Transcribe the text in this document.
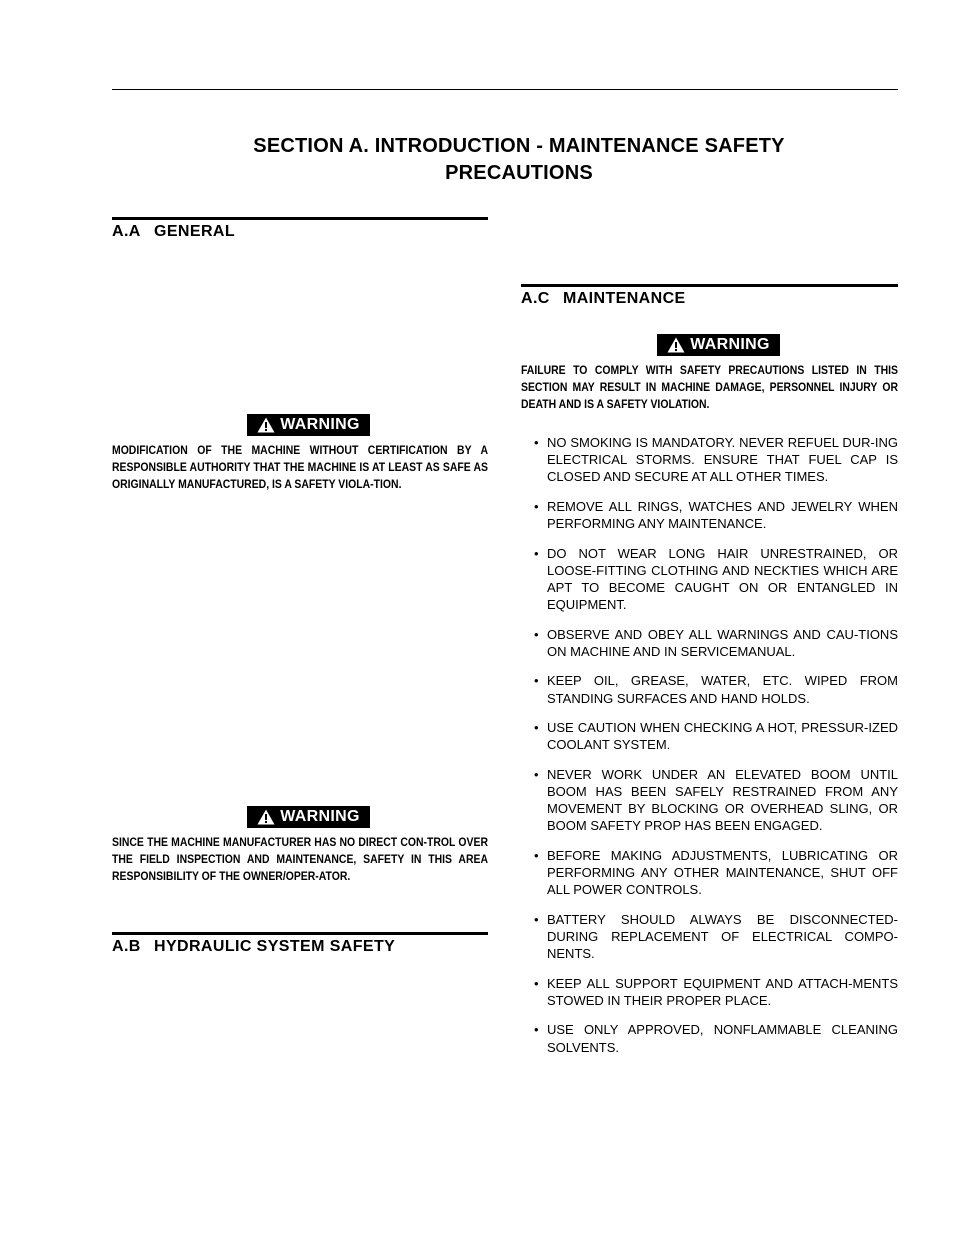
SECTION A. INTRODUCTION - MAINTENANCE SAFETY
PRECAUTIONS
A.A GENERAL
WARNING
MODIFICATION OF THE MACHINE WITHOUT CERTIFICATION BY A RESPONSIBLE AUTHORITY THAT THE MACHINE IS AT LEAST AS SAFE AS ORIGINALLY MANUFACTURED, IS A SAFETY VIOLA-TION.
WARNING
SINCE THE MACHINE MANUFACTURER HAS NO DIRECT CON-TROL OVER THE FIELD INSPECTION AND MAINTENANCE, SAFETY IN THIS AREA RESPONSIBILITY OF THE OWNER/OPER-ATOR.
A.B HYDRAULIC SYSTEM SAFETY
A.C MAINTENANCE
WARNING
FAILURE TO COMPLY WITH SAFETY PRECAUTIONS LISTED IN THIS SECTION MAY RESULT IN MACHINE DAMAGE, PERSONNEL INJURY OR DEATH AND IS A SAFETY VIOLATION.
• NO SMOKING IS MANDATORY. NEVER REFUEL DUR-ING ELECTRICAL STORMS. ENSURE THAT FUEL CAP IS CLOSED AND SECURE AT ALL OTHER TIMES.
• REMOVE ALL RINGS, WATCHES AND JEWELRY WHEN PERFORMING ANY MAINTENANCE.
• DO NOT WEAR LONG HAIR UNRESTRAINED, OR LOOSE-FITTING CLOTHING AND NECKTIES WHICH ARE APT TO BECOME CAUGHT ON OR ENTANGLED IN EQUIPMENT.
• OBSERVE AND OBEY ALL WARNINGS AND CAU-TIONS ON MACHINE AND IN SERVICEMANUAL.
• KEEP OIL, GREASE, WATER, ETC. WIPED FROM STANDING SURFACES AND HAND HOLDS.
• USE CAUTION WHEN CHECKING A HOT, PRESSUR-IZED COOLANT SYSTEM.
• NEVER WORK UNDER AN ELEVATED BOOM UNTIL BOOM HAS BEEN SAFELY RESTRAINED FROM ANY MOVEMENT BY BLOCKING OR OVERHEAD SLING, OR BOOM SAFETY PROP HAS BEEN ENGAGED.
• BEFORE MAKING ADJUSTMENTS, LUBRICATING OR PERFORMING ANY OTHER MAINTENANCE, SHUT OFF ALL POWER CONTROLS.
• BATTERY SHOULD ALWAYS BE DISCONNECTED-DURING REPLACEMENT OF ELECTRICAL COMPO-NENTS.
• KEEP ALL SUPPORT EQUIPMENT AND ATTACH-MENTS STOWED IN THEIR PROPER PLACE.
• USE ONLY APPROVED, NONFLAMMABLE CLEANING SOLVENTS.
